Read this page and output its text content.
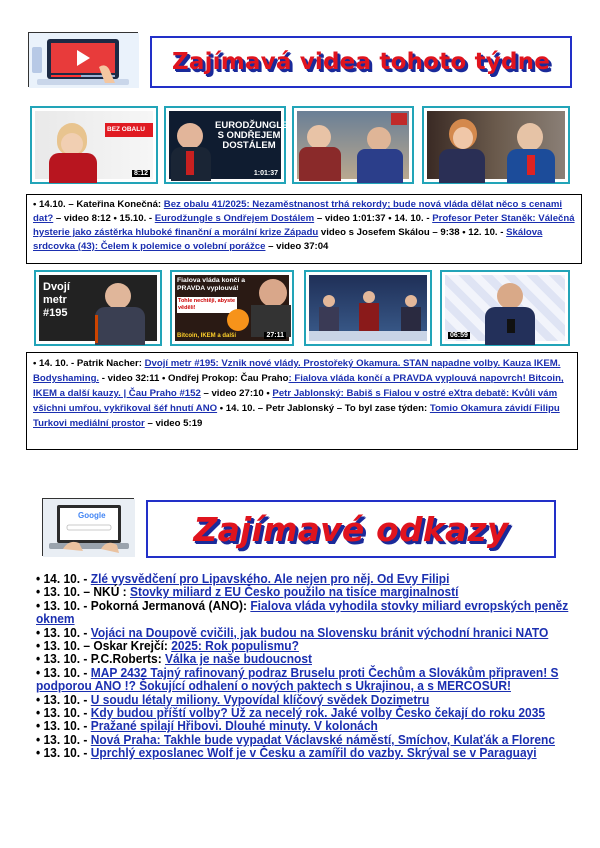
Zajímavá videa tohoto týdne
BEZ OBALU
8:12
EURODŽUNGLE S ONDŘEJEM DOSTÁLEM
1:01:37
• 14.10. – Kateřina Konečná: Bez obalu 41/2025: Nezaměstnanost trhá rekordy; bude nová vláda dělat něco s cenami dat? – video 8:12 • 15.10. - Eurodžungle s Ondřejem Dostálem – video 1:01:37 • 14. 10. - Profesor Peter Staněk: Válečná hysterie jako zástěrka hluboké finanční a morální krize Západu video s Josefem Skálou – 9:38 • 12. 10. - Skálova srdcovka (43): Čelem k polemice o volební porážce – video 37:04
Dvojí metr #195
Fialova vláda končí a PRAVDA vyplouvá!
Tohle nechtěji, abyste věděli!
Bitcoin, IKEM a další	27:11	06:59
• 14. 10. - Patrik Nacher: Dvojí metr #195: Vznik nové vlády. Prostořeký Okamura. STAN napadne volby. Kauza IKEM. Bodyshaming. - video 32:11 • Ondřej Prokop: Čau Praho: Fialova vláda končí a PRAVDA vyplouvá napovrch! Bitcoin, IKEM a další kauzy. | Čau Praho #152 – video 27:10 • Petr Jablonský: Babiš s Fialou v ostré eXtra debatě: Kvůli vám všichni umřou, vykřikoval šéf hnutí ANO • 14. 10. – Petr Jablonský – To byl zase týden: Tomio Okamura závidí Filipu Turkovi mediální prostor – video 5:19
Google	Zajímavé odkazy
• 14. 10. - Zlé vysvědčení pro Lipavského. Ale nejen pro něj. Od Evy Filipi
• 13. 10. – NKÚ : Stovky miliard z EU Česko použilo na tisíce marginalností
• 13. 10. - Pokorná Jermanová (ANO): Fialova vláda vyhodila stovky miliard evropských peněz oknem
• 13. 10. - Vojáci na Doupově cvičili, jak budou na Slovensku bránit východní hranici NATO
• 13. 10. – Oskar Krejčí: 2025: Rok populismu?
• 13. 10. - P.C.Roberts: Válka je naše budoucnost
• 13. 10. - MAP 2432 Tajný rafinovaný podraz Bruselu proti Čechům a Slovákům připraven! S podporou ANO !? Šokující odhalení o nových paktech s Ukrajinou, a s MERCOSUR!
• 13. 10. - U soudu létaly miliony. Vypovídal klíčový svědek Dozimetru
• 13. 10. - Kdy budou příští volby? Už za necelý rok. Jaké volby Česko čekají do roku 2035
• 13. 10. - Pražané spilají Hřibovi. Dlouhé minuty. V kolonách
• 13. 10. - Nová Praha: Takhle bude vypadat Václavské náměstí, Smíchov, Kulaťák a Florenc
• 13. 10. - Uprchlý exposlanec Wolf je v Česku a zamířil do vazby. Skrýval se v Paraguayi
